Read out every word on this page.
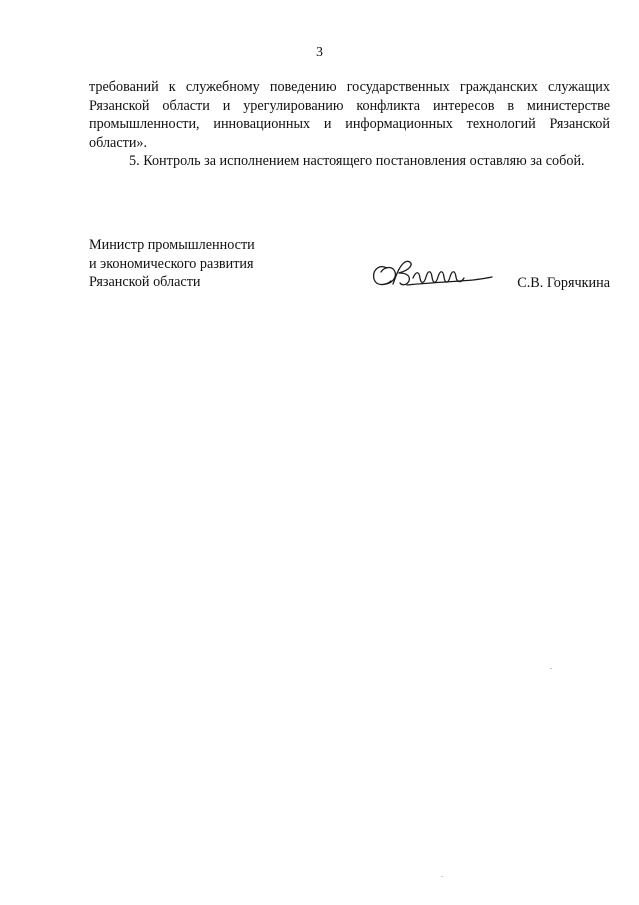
3

требований к служебному поведению государственных гражданских служащих Рязанской области и урегулированию конфликта интересов в министерстве промышленности, инновационных и информационных технологий Рязанской области».

5. Контроль за исполнением настоящего постановления оставляю за собой.

Министр промышленности
и экономического развития
Рязанской области	С.В. Горячкина
